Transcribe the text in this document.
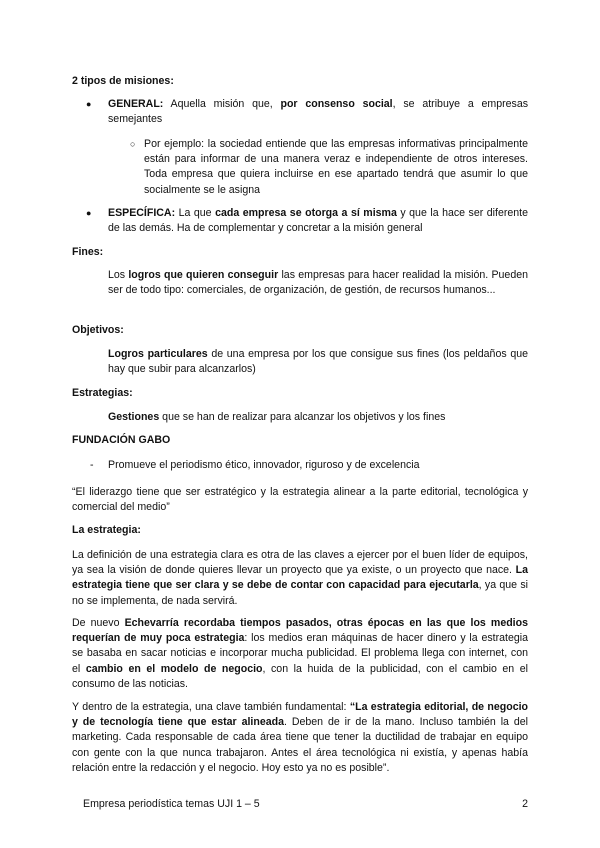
2 tipos de misiones:

● GENERAL: Aquella misión que, por consenso social, se atribuye a empresas semejantes

○ Por ejemplo: la sociedad entiende que las empresas informativas principalmente están para informar de una manera veraz e independiente de otros intereses. Toda empresa que quiera incluirse en ese apartado tendrá que asumir lo que socialmente se le asigna

● ESPECÍFICA: La que cada empresa se otorga a sí misma y que la hace ser diferente de las demás. Ha de complementar y concretar a la misión general

Fines:

Los logros que quieren conseguir las empresas para hacer realidad la misión. Pueden ser de todo tipo: comerciales, de organización, de gestión, de recursos humanos...

Objetivos:

Logros particulares de una empresa por los que consigue sus fines (los peldaños que hay que subir para alcanzarlos)

Estrategias:

Gestiones que se han de realizar para alcanzar los objetivos y los fines

FUNDACIÓN GABO

- Promueve el periodismo ético, innovador, riguroso y de excelencia

“El liderazgo tiene que ser estratégico y la estrategia alinear a la parte editorial, tecnológica y comercial del medio”

La estrategia:

La definición de una estrategia clara es otra de las claves a ejercer por el buen líder de equipos, ya sea la visión de donde quieres llevar un proyecto que ya existe, o un proyecto que nace. La estrategia tiene que ser clara y se debe de contar con capacidad para ejecutarla, ya que si no se implementa, de nada servirá.

De nuevo Echevarría recordaba tiempos pasados, otras épocas en las que los medios requerían de muy poca estrategia: los medios eran máquinas de hacer dinero y la estrategia se basaba en sacar noticias e incorporar mucha publicidad. El problema llega con internet, con el cambio en el modelo de negocio, con la huida de la publicidad, con el cambio en el consumo de las noticias.

Y dentro de la estrategia, una clave también fundamental: “La estrategia editorial, de negocio y de tecnología tiene que estar alineada. Deben de ir de la mano. Incluso también la del marketing. Cada responsable de cada área tiene que tener la ductilidad de trabajar en equipo con gente con la que nunca trabajaron. Antes el área tecnológica ni existía, y apenas había relación entre la redacción y el negocio. Hoy esto ya no es posible”.

Empresa periodística temas UJI 1 – 5	2
